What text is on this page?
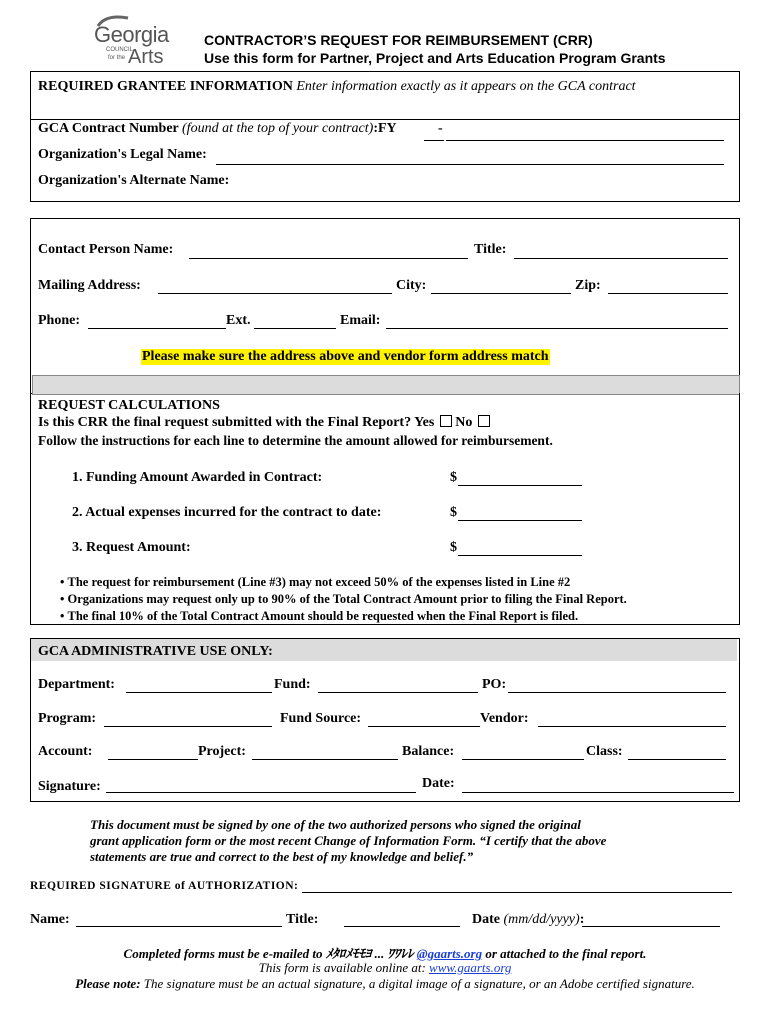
Georgia
COUNCIL
for the Arts
CONTRACTOR’S REQUEST FOR REIMBURSEMENT (CRR)
Use this form for Partner, Project and Arts Education Program Grants
REQUIRED GRANTEE INFORMATION Enter information exactly as it appears on the GCA contract
GCA Contract Number (found at the top of your contract):FY	-
Organization's Legal Name:
Organization's Alternate Name:
Contact Person Name:	Title:
Mailing Address:	City:	Zip:
Phone:	Ext.	Email:
Please make sure the address above and vendor form address match
REQUEST CALCULATIONS
Is this CRR the final request submitted with the Final Report? Yes No
Follow the instructions for each line to determine the amount allowed for reimbursement.
1. Funding Amount Awarded in Contract:	$
2. Actual expenses incurred for the contract to date:	$
3. Request Amount:	$
• The request for reimbursement (Line #3) may not exceed 50% of the expenses listed in Line #2
• Organizations may request only up to 90% of the Total Contract Amount prior to filing the Final Report.
• The final 10% of the Total Contract Amount should be requested when the Final Report is filed.
GCA ADMINISTRATIVE USE ONLY:
Department:	Fund:	PO:
Program:	Fund Source:	Vendor:
Account:	Project:	Balance:	Class:
Signature:	Date:
This document must be signed by one of the two authorized persons who signed the original
grant application form or the most recent Change of Information Form. “I certify that the above
statements are true and correct to the best of my knowledge and belief.”
REQUIRED SIGNATURE of AUTHORIZATION:
Name:	Title:	Date (mm/dd/yyyy):
Completed forms must be e-mailed to ﾒﾀﾛﾒﾓﾓﾖ ... ﾜﾜﾚﾚ @gaarts.org or attached to the final report.
This form is available online at: www.gaarts.org
Please note: The signature must be an actual signature, a digital image of a signature, or an Adobe certified signature.
